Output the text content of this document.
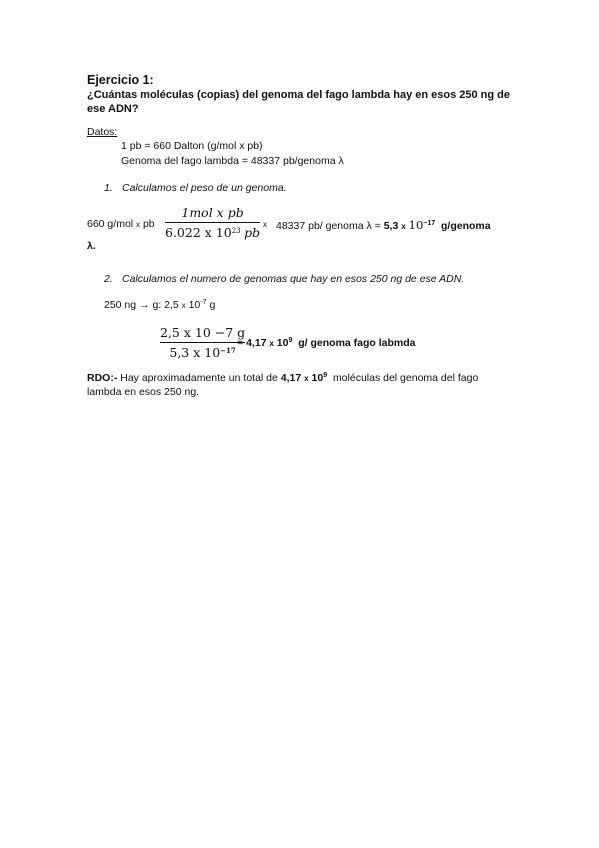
Ejercicio 1:
¿Cuántas moléculas (copias) del genoma del fago lambda hay en esos 250 ng de
ese ADN?
Datos:
1 pb = 660 Dalton (g/mol x pb)
Genoma del fago lambda = 48337 pb/genoma λ
1. Calculamos el peso de un genoma.
660 g/mol x pb
1mol x pb
6.022 x $10^{23}$ pb
x 48337 pb/ genoma λ = 5,3 x $10^{-17}$ g/genoma
λ.
2. Calculamos el numero de genomas que hay en esos 250 ng de ese ADN.
250 ng → g: 2,5 x $10^{-7}$ g
2,5 x 10 −7 g
5,3 x $10^{-17}$
= 4,17 x $10^9$ g/ genoma fago labmda
RDO:- Hay aproximadamente un total de 4,17 x $10^9$ moléculas del genoma del fago
lambda en esos 250 ng.
